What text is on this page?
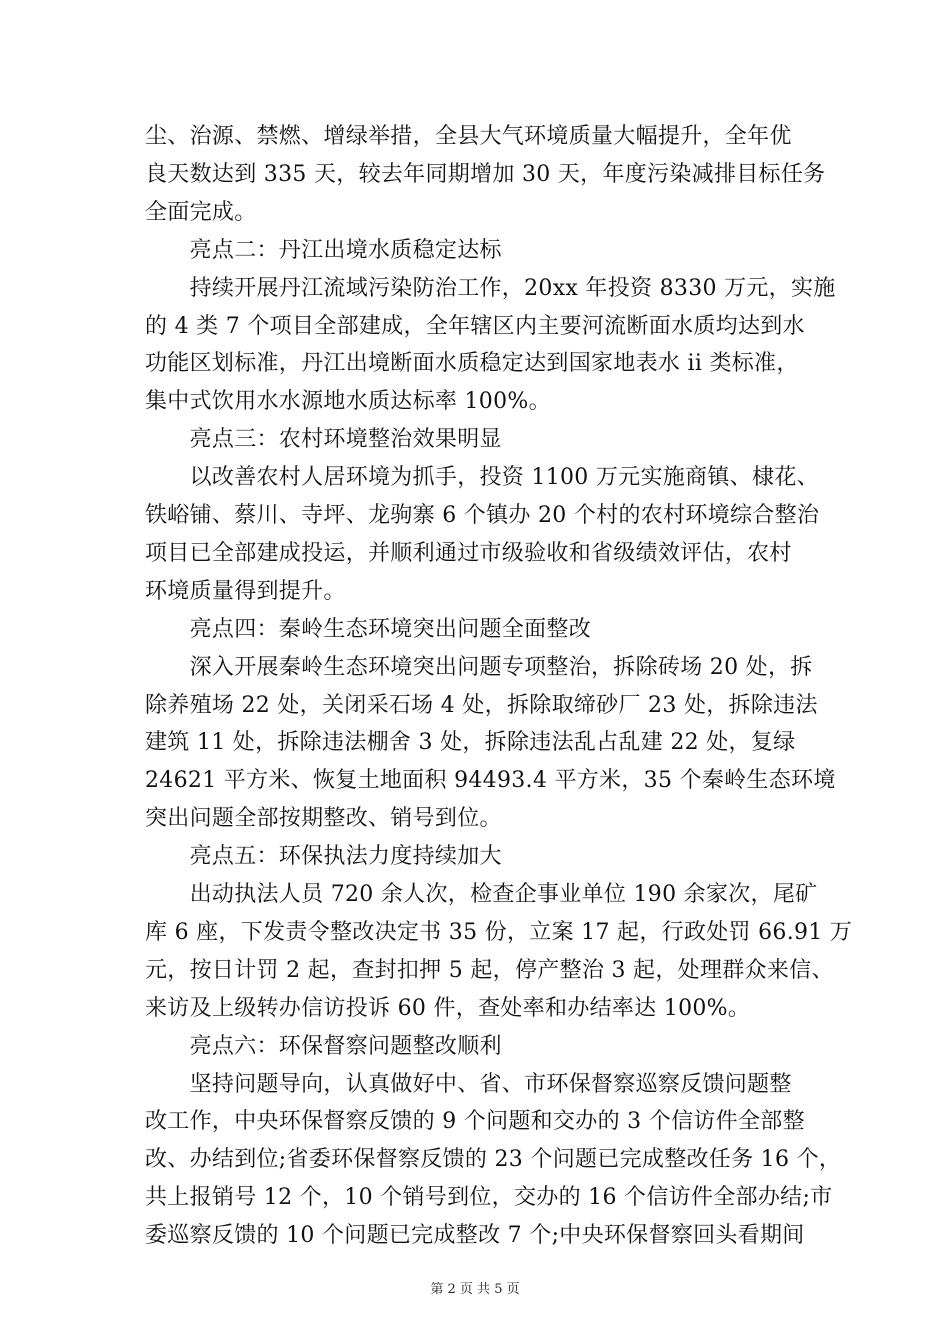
尘、治源、禁燃、增绿举措，全县大气环境质量大幅提升，全年优
良天数达到 335 天，较去年同期增加 30 天，年度污染减排目标任务
全面完成。
　　亮点二：丹江出境水质稳定达标
　　持续开展丹江流域污染防治工作，20xx 年投资 8330 万元，实施
的 4 类 7 个项目全部建成，全年辖区内主要河流断面水质均达到水
功能区划标准，丹江出境断面水质稳定达到国家地表水 ii 类标准，
集中式饮用水水源地水质达标率 100%。
　　亮点三：农村环境整治效果明显
　　以改善农村人居环境为抓手，投资 1100 万元实施商镇、棣花、
铁峪铺、蔡川、寺坪、龙驹寨 6 个镇办 20 个村的农村环境综合整治
项目已全部建成投运，并顺利通过市级验收和省级绩效评估，农村
环境质量得到提升。
　　亮点四：秦岭生态环境突出问题全面整改
　　深入开展秦岭生态环境突出问题专项整治，拆除砖场 20 处，拆
除养殖场 22 处，关闭采石场 4 处，拆除取缔砂厂 23 处，拆除违法
建筑 11 处，拆除违法棚舍 3 处，拆除违法乱占乱建 22 处，复绿
24621 平方米、恢复土地面积 94493.4 平方米，35 个秦岭生态环境
突出问题全部按期整改、销号到位。
　　亮点五：环保执法力度持续加大
　　出动执法人员 720 余人次，检查企事业单位 190 余家次，尾矿
库 6 座，下发责令整改决定书 35 份，立案 17 起，行政处罚 66.91 万
元，按日计罚 2 起，查封扣押 5 起，停产整治 3 起，处理群众来信、
来访及上级转办信访投诉 60 件，查处率和办结率达 100%。
　　亮点六：环保督察问题整改顺利
　　坚持问题导向，认真做好中、省、市环保督察巡察反馈问题整
改工作，中央环保督察反馈的 9 个问题和交办的 3 个信访件全部整
改、办结到位;省委环保督察反馈的 23 个问题已完成整改任务 16 个，
共上报销号 12 个，10 个销号到位，交办的 16 个信访件全部办结;市
委巡察反馈的 10 个问题已完成整改 7 个;中央环保督察回头看期间
第 2 页 共 5 页
